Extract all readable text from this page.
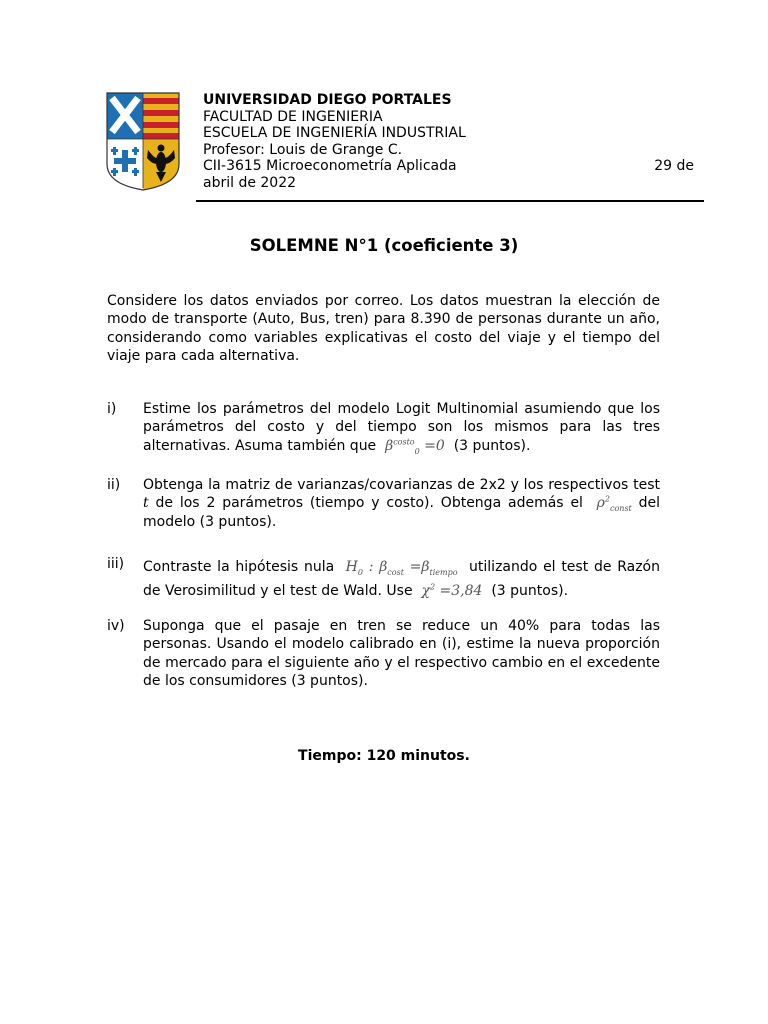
UNIVERSIDAD DIEGO PORTALES
FACULTAD DE INGENIERIA
ESCUELA DE INGENIERÍA INDUSTRIAL
Profesor: Louis de Grange C.
CII-3615 Microeconometría Aplicada	29 de
abril de 2022
SOLEMNE N°1 (coeficiente 3)
Considere los datos enviados por correo. Los datos muestran la elección de modo de transporte (Auto, Bus, tren) para 8.390 de personas durante un año, considerando como variables explicativas el costo del viaje y el tiempo del viaje para cada alternativa.
i)	Estime los parámetros del modelo Logit Multinomial asumiendo que los parámetros del costo y del tiempo son los mismos para las tres alternativas. Asuma también que  $\beta^{costo}_0 =0$  (3 puntos).
ii)	Obtenga la matriz de varianzas/covarianzas de 2x2 y los respectivos test t de los 2 parámetros (tiempo y costo). Obtenga además el  $\rho^2_{const}$ del modelo (3 puntos).
iii)	Contraste la hipótesis nula  $H_0$ : $\beta_{cost} =\beta_{tiempo}$ utilizando el test de Razón de Verosimilitud y el test de Wald. Use  $\chi^2 =3,84$  (3 puntos).
iv)	Suponga que el pasaje en tren se reduce un 40% para todas las personas. Usando el modelo calibrado en (i), estime la nueva proporción de mercado para el siguiente año y el respectivo cambio en el excedente de los consumidores (3 puntos).
Tiempo: 120 minutos.
